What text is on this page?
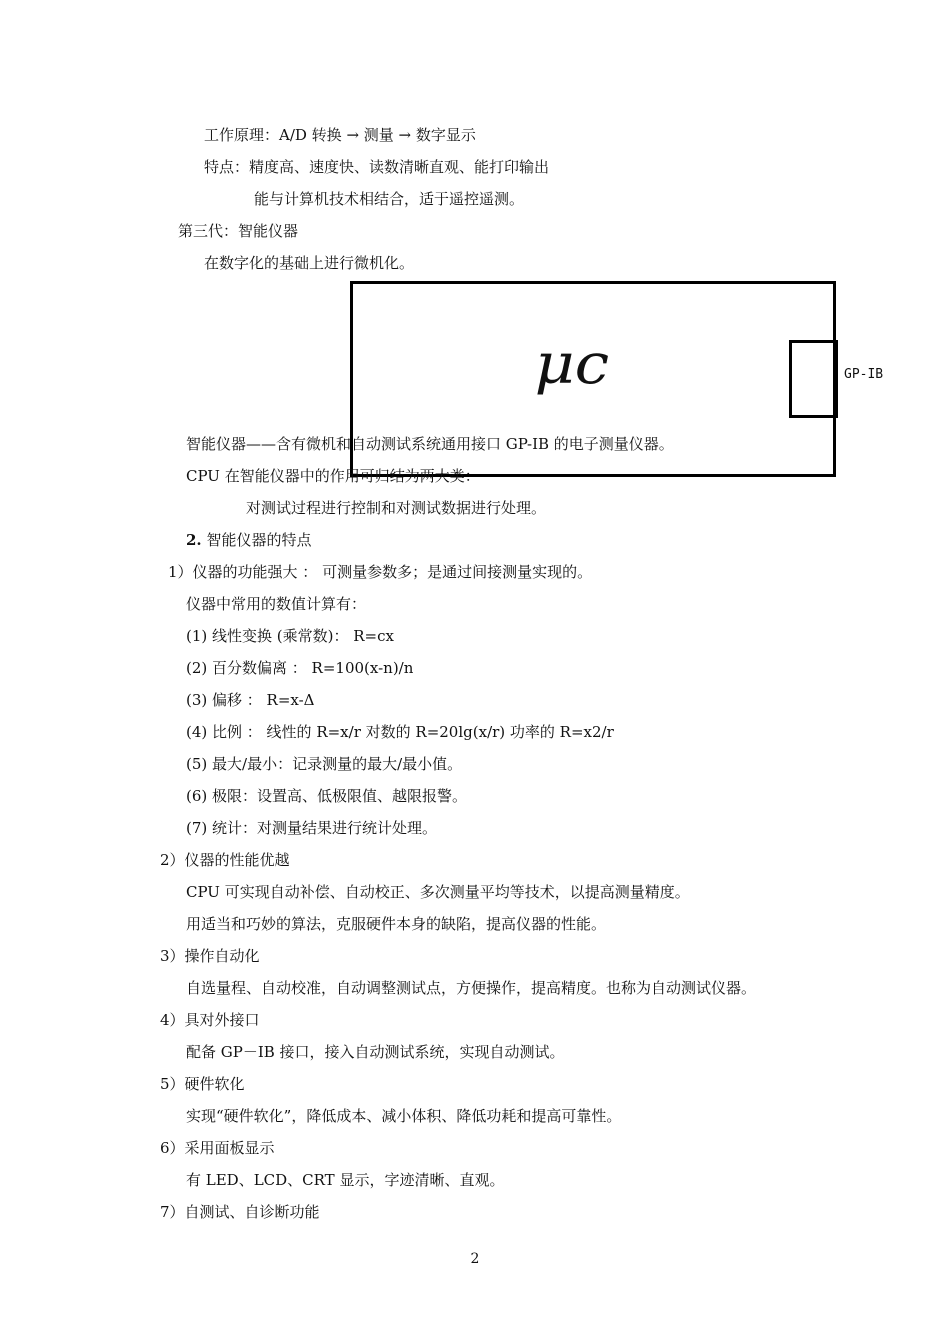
工作原理：A/D 转换 → 测量 → 数字显示
特点：精度高、速度快、读数清晰直观、能打印输出
能与计算机技术相结合，适于遥控遥测。
第三代：智能仪器
在数字化的基础上进行微机化。
μc	GP-IB
智能仪器——含有微机和自动测试系统通用接口 GP-IB 的电子测量仪器。
CPU 在智能仪器中的作用可归结为两大类：
对测试过程进行控制和对测试数据进行处理。
2. 智能仪器的特点
1）仪器的功能强大 ： 可测量参数多；是通过间接测量实现的。
仪器中常用的数值计算有：
(1) 线性变换 (乘常数)： R=cx
(2) 百分数偏离 ： R=100(x-n)/n
(3) 偏移 ： R=x-Δ
(4) 比例 ： 线性的 R=x/r 对数的 R=20lg(x/r) 功率的 R=x2/r
(5) 最大/最小：记录测量的最大/最小值。
(6) 极限：设置高、低极限值、越限报警。
(7) 统计：对测量结果进行统计处理。
2）仪器的性能优越
CPU 可实现自动补偿、自动校正、多次测量平均等技术，以提高测量精度。
用适当和巧妙的算法，克服硬件本身的缺陷，提高仪器的性能。
3）操作自动化
自选量程、自动校准，自动调整测试点，方便操作，提高精度。也称为自动测试仪器。
4）具对外接口
配备 GP－IB 接口，接入自动测试系统，实现自动测试。
5）硬件软化
实现“硬件软化”，降低成本、减小体积、降低功耗和提高可靠性。
6）采用面板显示
有 LED、LCD、CRT 显示，字迹清晰、直观。
7）自测试、自诊断功能
2
